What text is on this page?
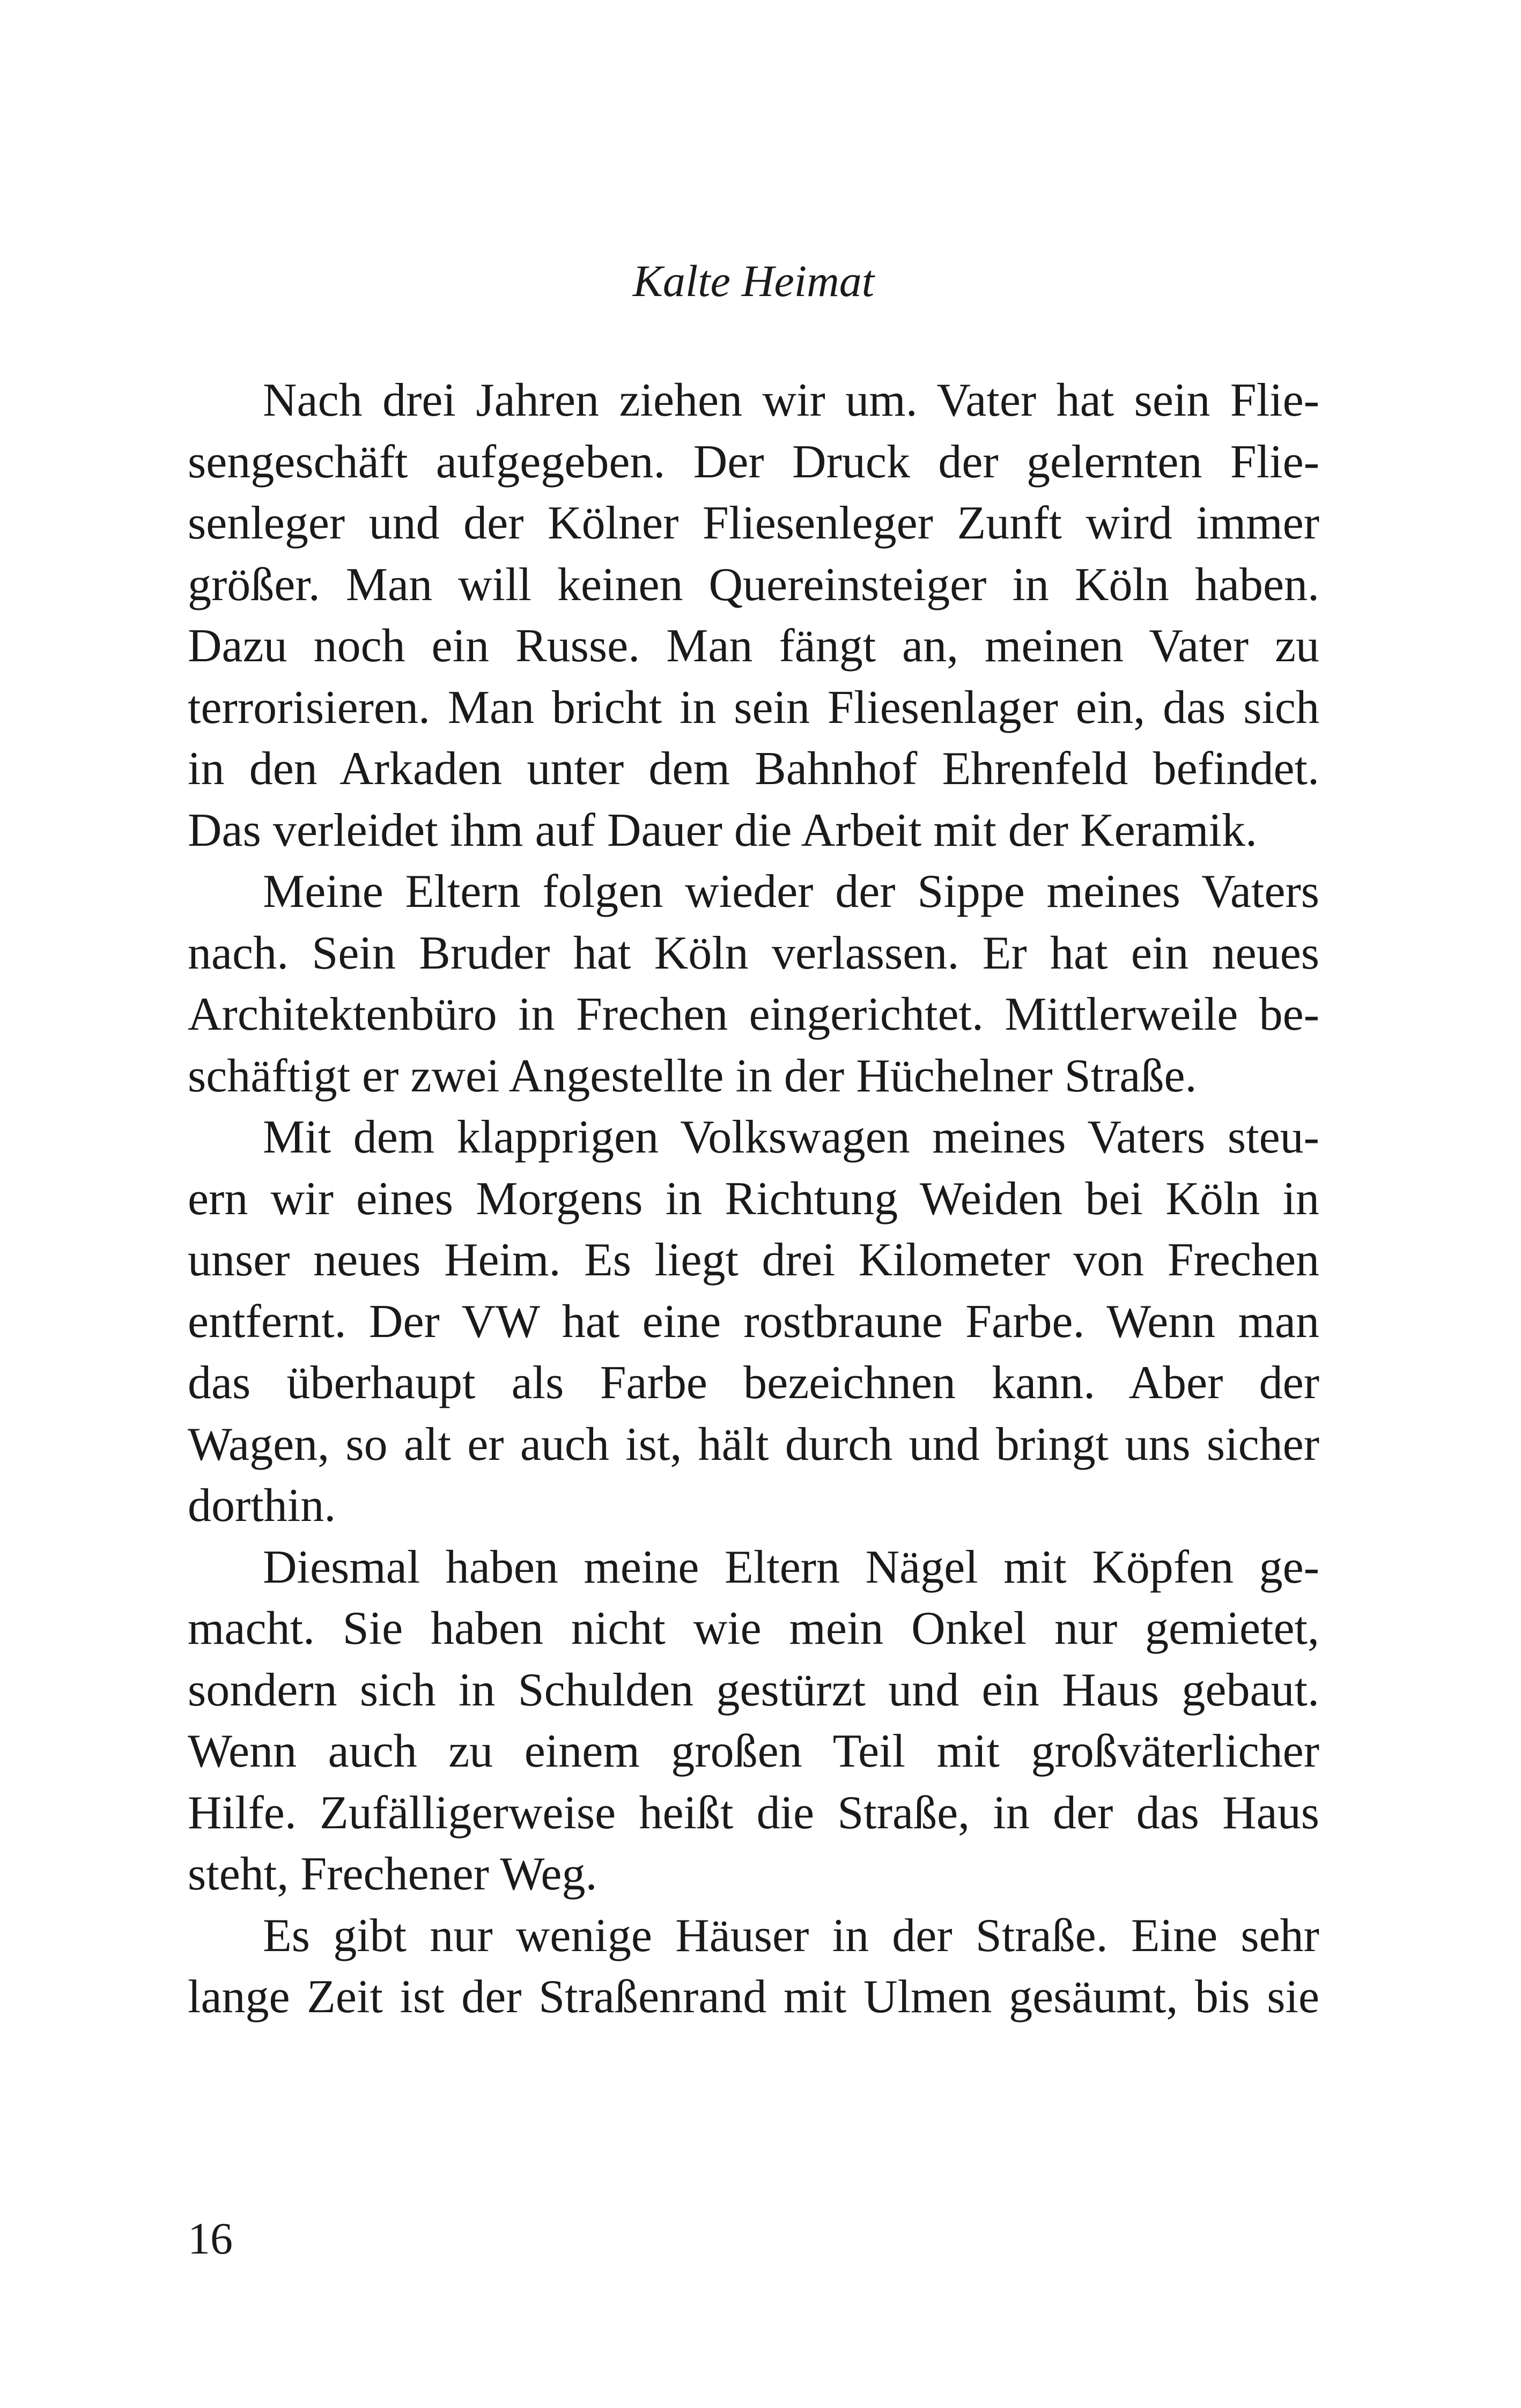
Kalte Heimat

Nach drei Jahren ziehen wir um. Vater hat sein Flie-
sengeschäft aufgegeben. Der Druck der gelernten Flie-
senleger und der Kölner Fliesenleger Zunft wird immer
größer. Man will keinen Quereinsteiger in Köln haben.
Dazu noch ein Russe. Man fängt an, meinen Vater zu
terrorisieren. Man bricht in sein Fliesenlager ein, das sich
in den Arkaden unter dem Bahnhof Ehrenfeld befindet.
Das verleidet ihm auf Dauer die Arbeit mit der Keramik.

Meine Eltern folgen wieder der Sippe meines Vaters
nach. Sein Bruder hat Köln verlassen. Er hat ein neues
Architektenbüro in Frechen eingerichtet. Mittlerweile be-
schäftigt er zwei Angestellte in der Hüchelner Straße.

Mit dem klapprigen Volkswagen meines Vaters steu-
ern wir eines Morgens in Richtung Weiden bei Köln in
unser neues Heim. Es liegt drei Kilometer von Frechen
entfernt. Der VW hat eine rostbraune Farbe. Wenn man
das überhaupt als Farbe bezeichnen kann. Aber der
Wagen, so alt er auch ist, hält durch und bringt uns sicher
dorthin.

Diesmal haben meine Eltern Nägel mit Köpfen ge-
macht. Sie haben nicht wie mein Onkel nur gemietet,
sondern sich in Schulden gestürzt und ein Haus gebaut.
Wenn auch zu einem großen Teil mit großväterlicher
Hilfe. Zufälligerweise heißt die Straße, in der das Haus
steht, Frechener Weg.

Es gibt nur wenige Häuser in der Straße. Eine sehr
lange Zeit ist der Straßenrand mit Ulmen gesäumt, bis sie

16
